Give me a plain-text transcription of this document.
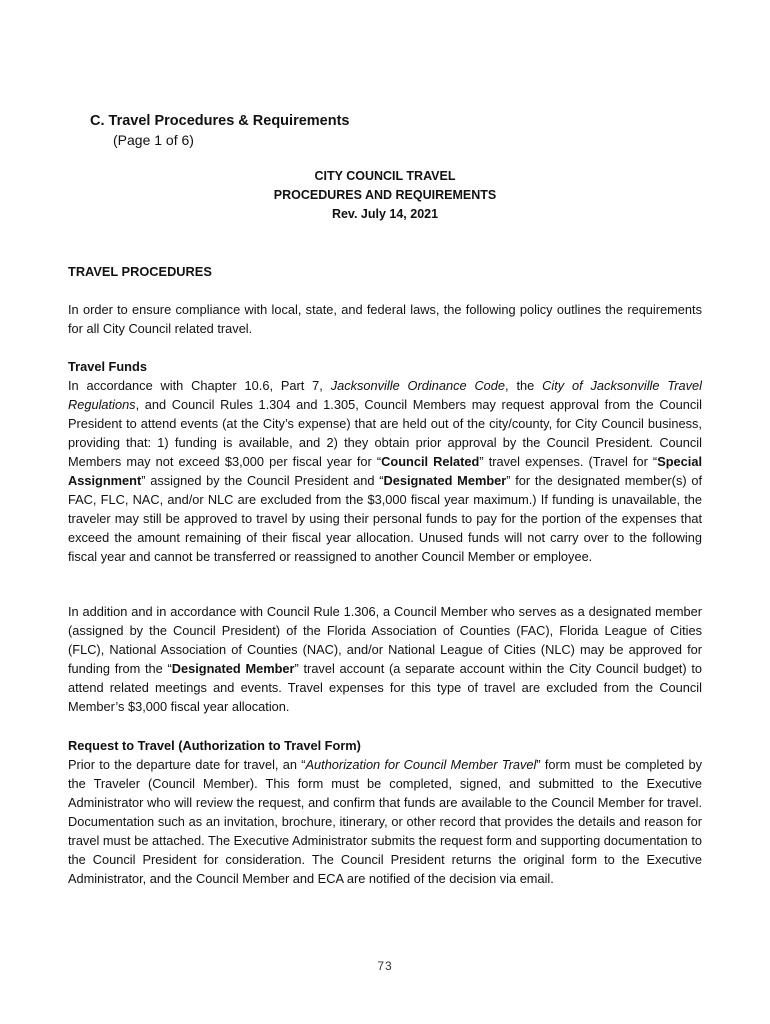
C. Travel Procedures & Requirements
(Page 1 of 6)
CITY COUNCIL TRAVEL
PROCEDURES AND REQUIREMENTS
Rev. July 14, 2021

TRAVEL PROCEDURES

In order to ensure compliance with local, state, and federal laws, the following policy outlines the requirements for all City Council related travel.

Travel Funds

In accordance with Chapter 10.6, Part 7, Jacksonville Ordinance Code, the City of Jacksonville Travel Regulations, and Council Rules 1.304 and 1.305, Council Members may request approval from the Council President to attend events (at the City’s expense) that are held out of the city/county, for City Council business, providing that: 1) funding is available, and 2) they obtain prior approval by the Council President. Council Members may not exceed $3,000 per fiscal year for “Council Related” travel expenses. (Travel for “Special Assignment” assigned by the Council President and “Designated Member” for the designated member(s) of FAC, FLC, NAC, and/or NLC are excluded from the $3,000 fiscal year maximum.) If funding is unavailable, the traveler may still be approved to travel by using their personal funds to pay for the portion of the expenses that exceed the amount remaining of their fiscal year allocation. Unused funds will not carry over to the following fiscal year and cannot be transferred or reassigned to another Council Member or employee.

In addition and in accordance with Council Rule 1.306, a Council Member who serves as a designated member (assigned by the Council President) of the Florida Association of Counties (FAC), Florida League of Cities (FLC), National Association of Counties (NAC), and/or National League of Cities (NLC) may be approved for funding from the “Designated Member” travel account (a separate account within the City Council budget) to attend related meetings and events. Travel expenses for this type of travel are excluded from the Council Member’s $3,000 fiscal year allocation.

Request to Travel (Authorization to Travel Form)

Prior to the departure date for travel, an “Authorization for Council Member Travel” form must be completed by the Traveler (Council Member). This form must be completed, signed, and submitted to the Executive Administrator who will review the request, and confirm that funds are available to the Council Member for travel. Documentation such as an invitation, brochure, itinerary, or other record that provides the details and reason for travel must be attached. The Executive Administrator submits the request form and supporting documentation to the Council President for consideration. The Council President returns the original form to the Executive Administrator, and the Council Member and ECA are notified of the decision via email.

73
